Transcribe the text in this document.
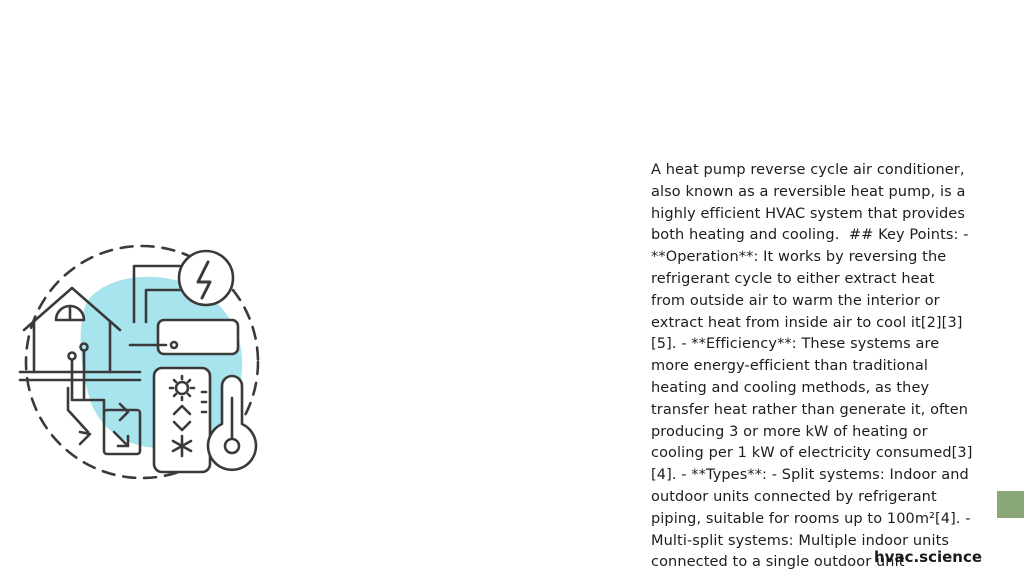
A heat pump reverse cycle air conditioner, also known as a reversible heat pump, is a highly efficient HVAC system that provides both heating and cooling.  ## Key Points: - **Operation**: It works by reversing the refrigerant cycle to either extract heat from outside air to warm the interior or extract heat from inside air to cool it[2][3][5]. - **Efficiency**: These systems are more energy-efficient than traditional heating and cooling methods, as they transfer heat rather than generate it, often producing 3 or more kW of heating or cooling per 1 kW of electricity consumed[3][4]. - **Types**: - Split systems: Indoor and outdoor units connected by refrigerant piping, suitable for rooms up to 100m²[4]. - Multi-split systems: Multiple indoor units connected to a single outdoor unit
hvac.science
